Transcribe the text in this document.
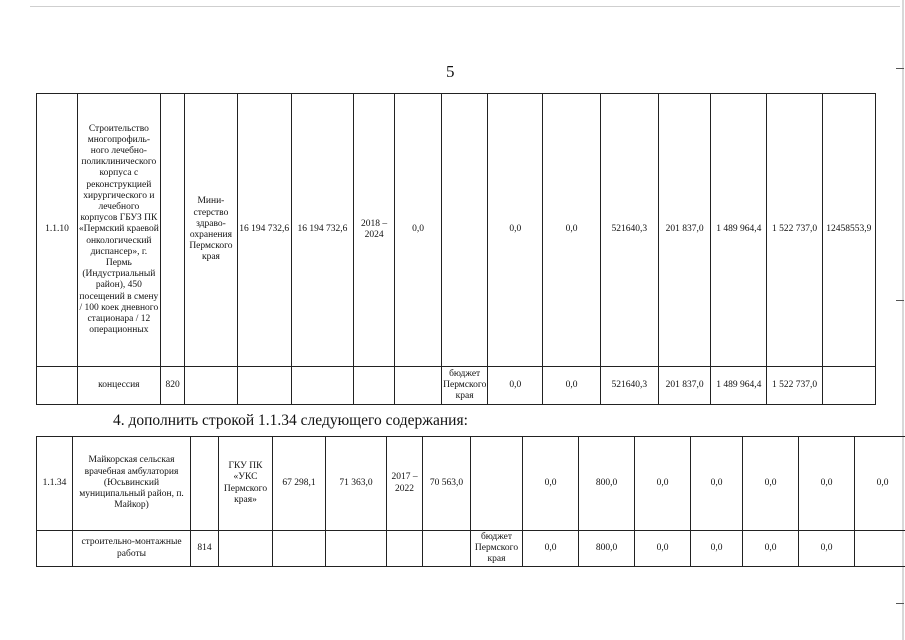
5
1.1.10	Строительство многопрофиль-ного лечебно-поликлинического корпуса с реконструкцией хирургического и лечебного корпусов ГБУЗ ПК «Пермский краевой онкологический диспансер», г. Пермь (Индустриальный район), 450 посещений в смену / 100 коек дневного стационара / 12 операционных		Мини-стерство здраво-охранения Пермского края	16 194 732,6	16 194 732,6	2018 – 2024	0,0		0,0	0,0	521640,3	201 837,0	1 489 964,4	1 522 737,0	12458553,9
	концессия	820						бюджет Пермского края	0,0	0,0	521640,3	201 837,0	1 489 964,4	1 522 737,0	
4. дополнить строкой 1.1.34 следующего содержания:
1.1.34	Майкорская сельская врачебная амбулатория (Юсьвинский муниципальный район, п. Майкор)		ГКУ ПК «УКС Пермского края»	67 298,1	71 363,0	2017 – 2022	70 563,0		0,0	800,0	0,0	0,0	0,0	0,0	0,0
	строительно-монтажные работы	814						бюджет Пермского края	0,0	800,0	0,0	0,0	0,0	0,0	
